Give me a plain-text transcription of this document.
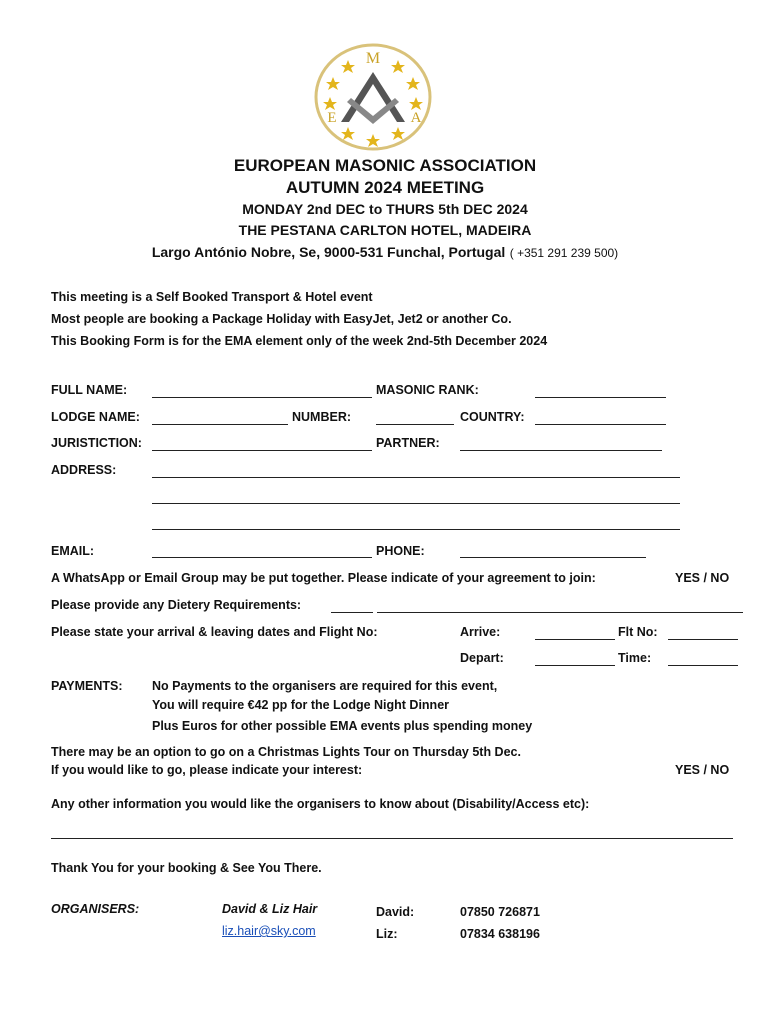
M
E	A
EUROPEAN MASONIC ASSOCIATION
AUTUMN 2024 MEETING
MONDAY 2nd DEC to THURS 5th DEC 2024
THE PESTANA CARLTON HOTEL, MADEIRA
Largo António Nobre, Se, 9000-531 Funchal, Portugal ( +351 291 239 500)
This meeting is a Self Booked Transport & Hotel event
Most people are booking a Package Holiday with EasyJet, Jet2 or another Co.
This Booking Form is for the EMA element only of the week 2nd-5th December 2024
FULL NAME:	MASONIC RANK:
LODGE NAME:	NUMBER:	COUNTRY:
JURISTICTION:	PARTNER:
ADDRESS:
EMAIL:	PHONE:
A WhatsApp or Email Group may be put together. Please indicate of your agreement to join:	YES / NO
Please provide any Dietery Requirements:
Please state your arrival & leaving dates and Flight No:	Arrive:	Flt No:
Depart:	Time:
PAYMENTS: No Payments to the organisers are required for this event,
You will require €42 pp for the Lodge Night Dinner
Plus Euros for other possible EMA events plus spending money
There may be an option to go on a Christmas Lights Tour on Thursday 5th Dec.
If you would like to go, please indicate your interest:	YES / NO
Any other information you would like the organisers to know about (Disability/Access etc):
Thank You for your booking & See You There.
ORGANISERS:	David & Liz Hair
liz.hair@sky.com
David:	07850 726871
Liz:	07834 638196
